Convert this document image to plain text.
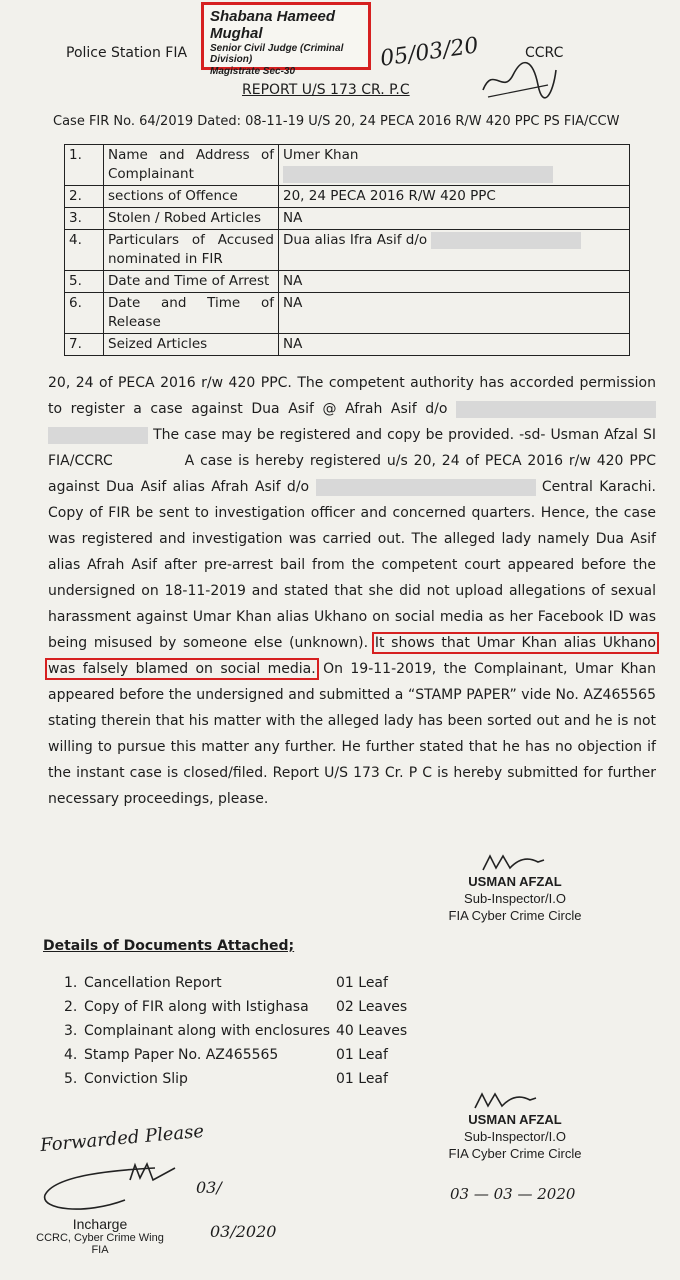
Police Station FIA
Shabana Hameed Mughal
Senior Civil Judge (Criminal Division)
Magistrate Sec-30	05/03/20	CCRC
REPORT U/S 173 CR. P.C
Case FIR No. 64/2019 Dated: 08-11-19 U/S 20, 24 PECA 2016 R/W 420 PPC PS FIA/CCW
1.	Name and Address of Complainant	Umer Khan
2.	sections of Offence	20, 24 PECA 2016 R/W 420 PPC
3.	Stolen / Robed Articles	NA
4.	Particulars of Accused nominated in FIR	Dua alias Ifra Asif d/o
5.	Date and Time of Arrest	NA
6.	Date and Time of Release	NA
7.	Seized Articles	NA

20, 24 of PECA 2016 r/w 420 PPC. The competent authority has accorded permission to register a case against Dua Asif @ Afrah Asif d/o   The case may be registered and copy be provided. -sd- Usman Afzal SI FIA/CCRC	A case is hereby registered u/s 20, 24 of PECA 2016 r/w 420 PPC against Dua Asif alias Afrah Asif d/o	Central Karachi. Copy of FIR be sent to investigation officer and concerned quarters. Hence, the case was registered and investigation was carried out. The alleged lady namely Dua Asif alias Afrah Asif after pre-arrest bail from the competent court appeared before the undersigned on 18-11-2019 and stated that she did not upload allegations of sexual harassment against Umar Khan alias Ukhano on social media as her Facebook ID was being misused by someone else (unknown). It shows that Umar Khan alias Ukhano was falsely blamed on social media. On 19-11-2019, the Complainant, Umar Khan appeared before the undersigned and submitted a “STAMP PAPER” vide No. AZ465565 stating therein that his matter with the alleged lady has been sorted out and he is not willing to pursue this matter any further. He further stated that he has no objection if the instant case is closed/filed. Report U/S 173 Cr. P C is hereby submitted for further necessary proceedings, please.

USMAN AFZAL
Sub-Inspector/I.O
FIA Cyber Crime Circle
Details of Documents Attached;
1. Cancellation Report	01 Leaf
2. Copy of FIR along with Istighasa	02 Leaves
3. Complainant along with enclosures 40 Leaves
4. Stamp Paper No. AZ465565	01 Leaf
5. Conviction Slip	01 Leaf
USMAN AFZAL
Sub-Inspector/I.O
FIA Cyber Crime Circle
03 — 03 — 2020
Forwarded Please
03/
03/2020
Incharge
CCRC, Cyber Crime Wing
FIA
